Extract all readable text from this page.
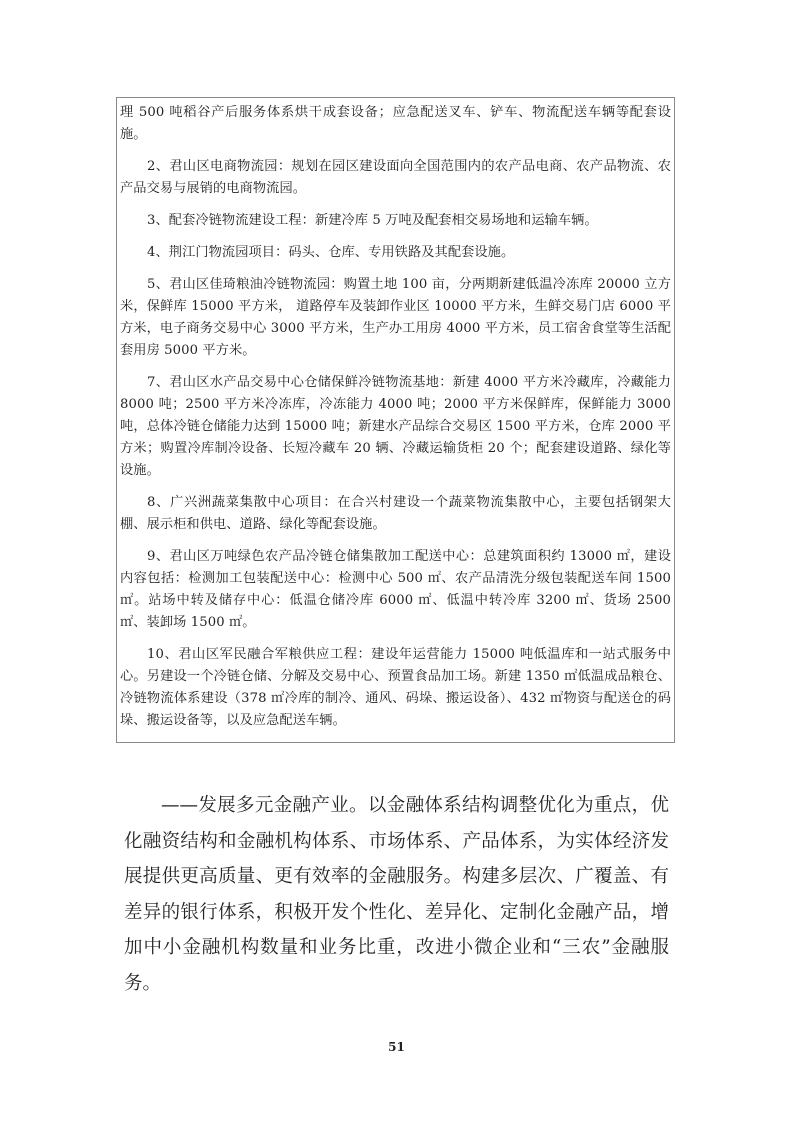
理 500 吨稻谷产后服务体系烘干成套设备；应急配送叉车、铲车、物流配送车辆等配套设施。

2、君山区电商物流园：规划在园区建设面向全国范围内的农产品电商、农产品物流、农产品交易与展销的电商物流园。

3、配套冷链物流建设工程：新建冷库 5 万吨及配套相交易场地和运输车辆。

4、荆江门物流园项目：码头、仓库、专用铁路及其配套设施。

5、君山区佳琦粮油冷链物流园：购置土地 100 亩，分两期新建低温冷冻库 20000 立方米，保鲜库 15000 平方米， 道路停车及装卸作业区 10000 平方米，生鲜交易门店 6000 平方米，电子商务交易中心 3000 平方米，生产办工用房 4000 平方米，员工宿舍食堂等生活配套用房 5000 平方米。

7、君山区水产品交易中心仓储保鲜冷链物流基地：新建 4000 平方米冷藏库，冷藏能力 8000 吨；2500 平方米冷冻库，冷冻能力 4000 吨；2000 平方米保鲜库，保鲜能力 3000 吨，总体冷链仓储能力达到 15000 吨；新建水产品综合交易区 1500 平方米，仓库 2000 平方米；购置冷库制冷设备、长短冷藏车 20 辆、冷藏运输货柜 20 个；配套建设道路、绿化等设施。

8、广兴洲蔬菜集散中心项目：在合兴村建设一个蔬菜物流集散中心，主要包括钢架大棚、展示柜和供电、道路、绿化等配套设施。

9、君山区万吨绿色农产品冷链仓储集散加工配送中心：总建筑面积约 13000 ㎡，建设内容包括：检测加工包装配送中心：检测中心 500 ㎡、农产品清洗分级包装配送车间 1500 ㎡。站场中转及储存中心：低温仓储冷库 6000 ㎡、低温中转冷库 3200 ㎡、货场 2500 ㎡、装卸场 1500 ㎡。

10、君山区军民融合军粮供应工程：建设年运营能力 15000 吨低温库和一站式服务中心。另建设一个冷链仓储、分解及交易中心、预置食品加工场。新建 1350 ㎡低温成品粮仓、冷链物流体系建设（378 ㎡冷库的制冷、通风、码垛、搬运设备）、432 ㎡物资与配送仓的码垛、搬运设备等，以及应急配送车辆。

——发展多元金融产业。以金融体系结构调整优化为重点，优化融资结构和金融机构体系、市场体系、产品体系，为实体经济发展提供更高质量、更有效率的金融服务。构建多层次、广覆盖、有差异的银行体系，积极开发个性化、差异化、定制化金融产品，增加中小金融机构数量和业务比重，改进小微企业和“三农”金融服务。

51
